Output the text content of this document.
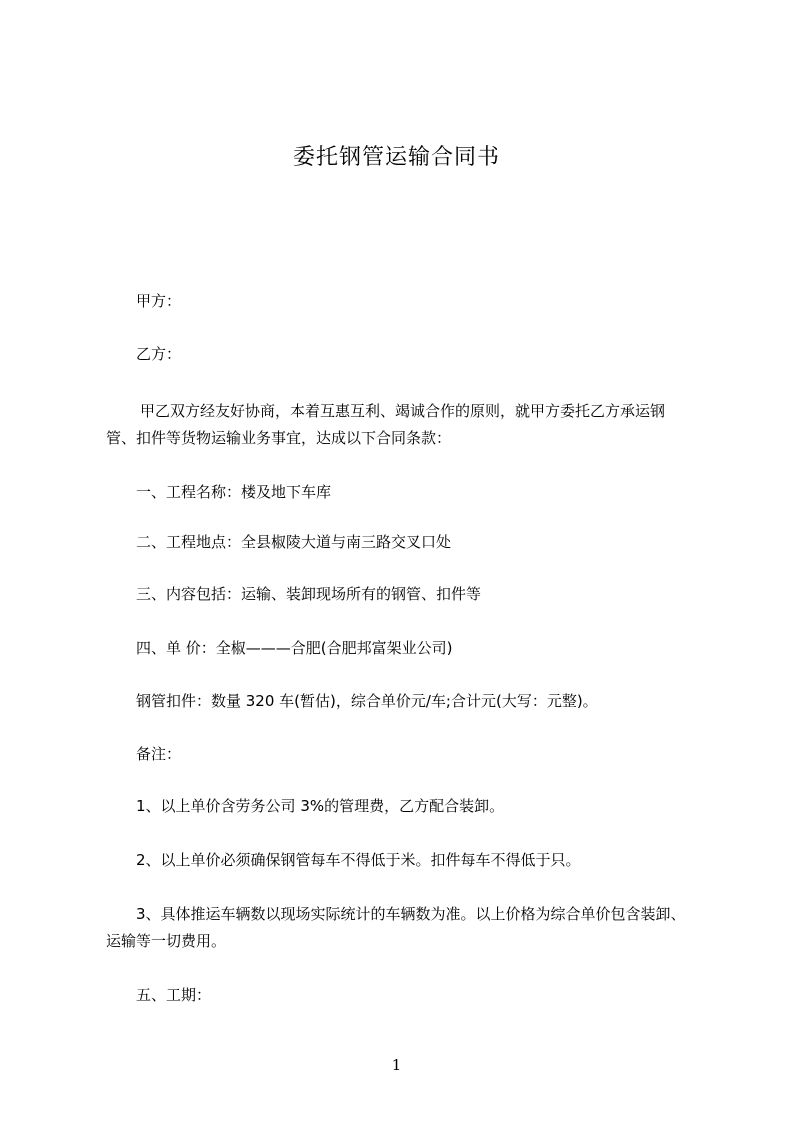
委托钢管运输合同书
甲方：
乙方：
甲乙双方经友好协商，本着互惠互利、竭诚合作的原则，就甲方委托乙方承运钢
管、扣件等货物运输业务事宜，达成以下合同条款：
一、工程名称：楼及地下车库
二、工程地点：全县椒陵大道与南三路交叉口处
三、内容包括：运输、装卸现场所有的钢管、扣件等
四、单 价：全椒———合肥(合肥邦富架业公司)
钢管扣件：数量 320 车(暂估)，综合单价元/车;合计元(大写：元整)。
备注：
1、以上单价含劳务公司 3%的管理费，乙方配合装卸。
2、以上单价必须确保钢管每车不得低于米。扣件每车不得低于只。
3、具体推运车辆数以现场实际统计的车辆数为准。以上价格为综合单价包含装卸、
运输等一切费用。
五、工期：
1
